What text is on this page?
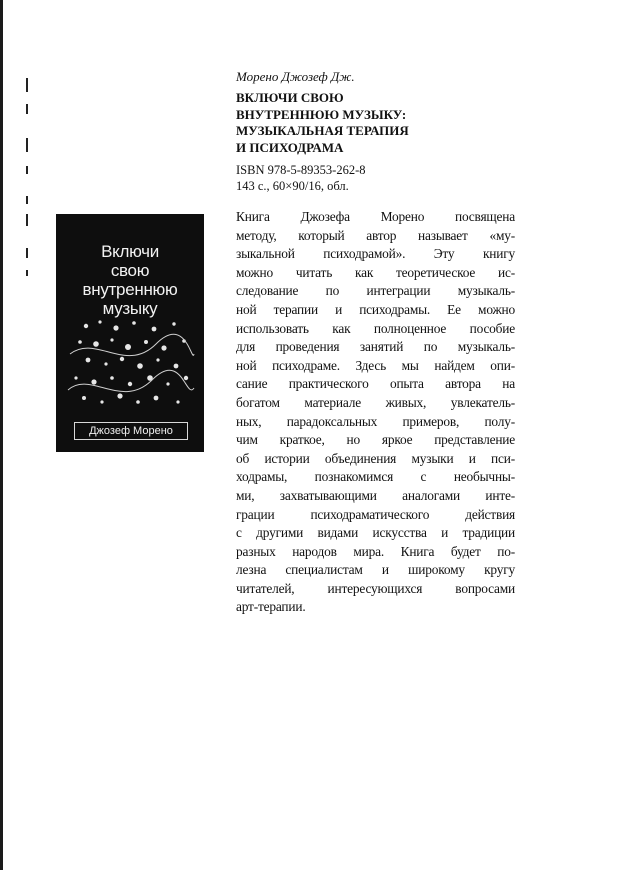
Включи
свою
внутреннюю
музыку
Джозеф Морено

Морено Джозеф Дж.

ВКЛЮЧИ СВОЮ

ВНУТРЕННЮЮ МУЗЫКУ:

МУЗЫКАЛЬНАЯ ТЕРАПИЯ

И ПСИХОДРАМА

ISBN 978-5-89353-262-8

143 с., 60×90/16, обл.

Книга Джозефа Морено посвящена
методу, который автор называет «му-
зыкальной психодрамой». Эту книгу
можно читать как теоретическое ис-
следование по интеграции музыкаль-
ной терапии и психодрамы. Ее можно
использовать как полноценное пособие
для проведения занятий по музыкаль-
ной психодраме. Здесь мы найдем опи-
сание практического опыта автора на
богатом материале живых, увлекатель-
ных, парадоксальных примеров, полу-
чим краткое, но яркое представление
об истории объединения музыки и пси-
ходрамы, познакомимся с необычны-
ми, захватывающими аналогами инте-
грации психодраматического действия
с другими видами искусства и традиции
разных народов мира. Книга будет по-
лезна специалистам и широкому кругу
читателей, интересующихся вопросами
арт-терапии.
